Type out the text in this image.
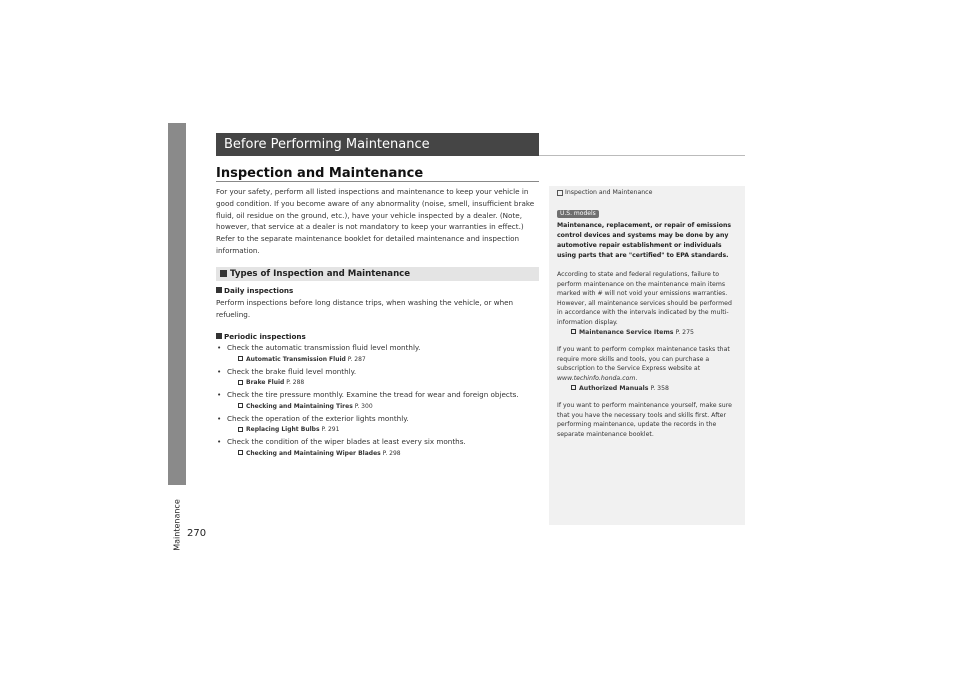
Maintenance 270
Before Performing Maintenance
Inspection and Maintenance
For your safety, perform all listed inspections and maintenance to keep your vehicle in good condition. If you become aware of any abnormality (noise, smell, insufficient brake fluid, oil residue on the ground, etc.), have your vehicle inspected by a dealer. (Note, however, that service at a dealer is not mandatory to keep your warranties in effect.) Refer to the separate maintenance booklet for detailed maintenance and inspection information.
Types of Inspection and Maintenance
Daily inspections
Perform inspections before long distance trips, when washing the vehicle, or when refueling.
Periodic inspections
• Check the automatic transmission fluid level monthly.
Automatic Transmission Fluid P. 287
• Check the brake fluid level monthly.
Brake Fluid P. 288
• Check the tire pressure monthly. Examine the tread for wear and foreign objects.
Checking and Maintaining Tires P. 300
• Check the operation of the exterior lights monthly.
Replacing Light Bulbs P. 291
• Check the condition of the wiper blades at least every six months.
Checking and Maintaining Wiper Blades P. 298
Inspection and Maintenance
U.S. models
Maintenance, replacement, or repair of emissions control devices and systems may be done by any automotive repair establishment or individuals using parts that are "certified" to EPA standards.
According to state and federal regulations, failure to perform maintenance on the maintenance main items marked with # will not void your emissions warranties. However, all maintenance services should be performed in accordance with the intervals indicated by the multi-information display.
Maintenance Service Items P. 275
If you want to perform complex maintenance tasks that require more skills and tools, you can purchase a subscription to the Service Express website at www.techinfo.honda.com.
Authorized Manuals P. 358
If you want to perform maintenance yourself, make sure that you have the necessary tools and skills first. After performing maintenance, update the records in the separate maintenance booklet.
